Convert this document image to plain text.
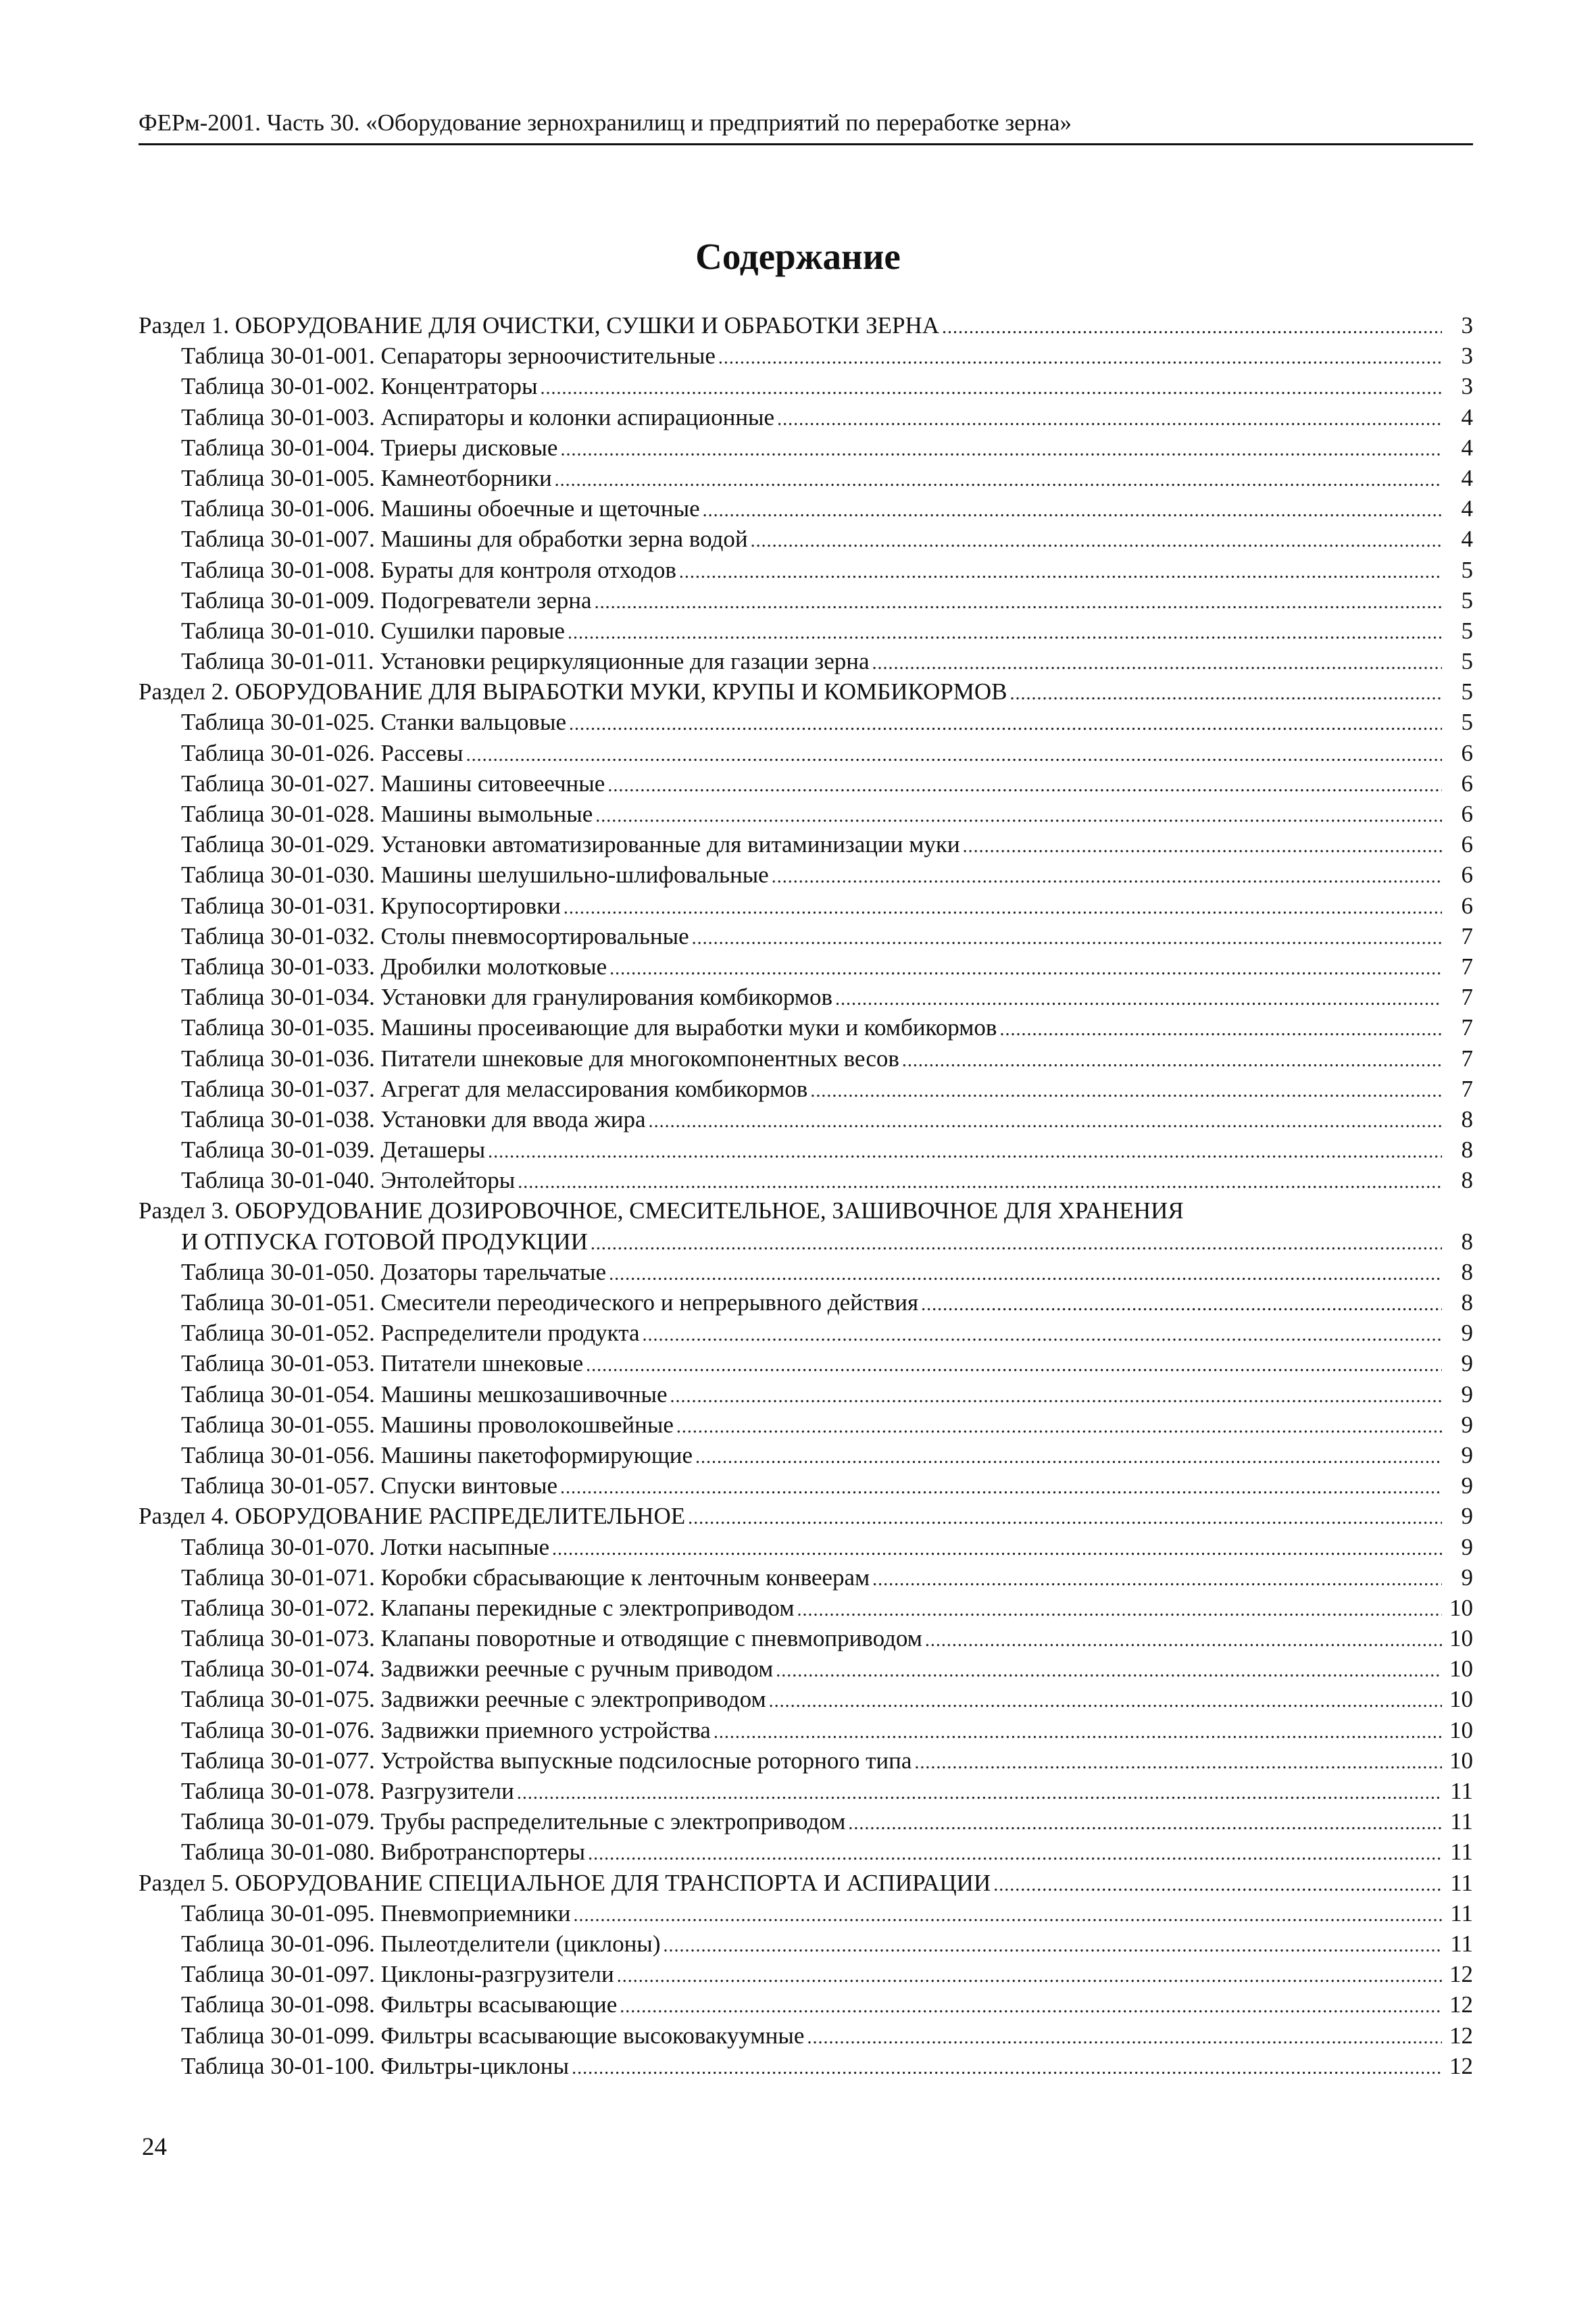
ФЕРм-2001. Часть 30. «Оборудование зернохранилищ и предприятий по переработке зерна»
Содержание
Раздел 1. ОБОРУДОВАНИЕ ДЛЯ ОЧИСТКИ, СУШКИ И ОБРАБОТКИ ЗЕРНА .....	3
Таблица 30-01-001. Сепараторы зерноочистительные .....	3
Таблица 30-01-002. Концентраторы .....	3
Таблица 30-01-003. Аспираторы и колонки аспирационные .....	4
Таблица 30-01-004. Триеры дисковые .....	4
Таблица 30-01-005. Камнеотборники .....	4
Таблица 30-01-006. Машины обоечные и щеточные .....	4
Таблица 30-01-007. Машины для обработки зерна водой .....	4
Таблица 30-01-008. Бураты для контроля отходов .....	5
Таблица 30-01-009. Подогреватели зерна .....	5
Таблица 30-01-010. Сушилки паровые .....	5
Таблица 30-01-011. Установки рециркуляционные для газации зерна .....	5
Раздел 2. ОБОРУДОВАНИЕ ДЛЯ ВЫРАБОТКИ МУКИ, КРУПЫ И КОМБИКОРМОВ .....	5
Таблица 30-01-025. Станки вальцовые .....	5
Таблица 30-01-026. Рассевы .....	6
Таблица 30-01-027. Машины ситовеечные .....	6
Таблица 30-01-028. Машины вымольные .....	6
Таблица 30-01-029. Установки автоматизированные для витаминизации муки .....	6
Таблица 30-01-030. Машины шелушильно-шлифовальные .....	6
Таблица 30-01-031. Крупосортировки .....	6
Таблица 30-01-032. Столы пневмосортировальные .....	7
Таблица 30-01-033. Дробилки молотковые .....	7
Таблица 30-01-034. Установки для гранулирования комбикормов .....	7
Таблица 30-01-035. Машины просеивающие для выработки муки и комбикормов .....	7
Таблица 30-01-036. Питатели шнековые для многокомпонентных весов .....	7
Таблица 30-01-037. Агрегат для мелассирования комбикормов .....	7
Таблица 30-01-038. Установки для ввода жира .....	8
Таблица 30-01-039. Деташеры .....	8
Таблица 30-01-040. Энтолейторы .....	8
Раздел 3. ОБОРУДОВАНИЕ ДОЗИРОВОЧНОЕ, СМЕСИТЕЛЬНОЕ, ЗАШИВОЧНОЕ ДЛЯ ХРАНЕНИЯ
И ОТПУСКА ГОТОВОЙ ПРОДУКЦИИ .....	8
Таблица 30-01-050. Дозаторы тарельчатые .....	8
Таблица 30-01-051. Смесители переодического и непрерывного действия .....	8
Таблица 30-01-052. Распределители продукта .....	9
Таблица 30-01-053. Питатели шнековые .....	9
Таблица 30-01-054. Машины мешкозашивочные .....	9
Таблица 30-01-055. Машины проволокошвейные .....	9
Таблица 30-01-056. Машины пакетоформирующие .....	9
Таблица 30-01-057. Спуски винтовые .....	9
Раздел 4. ОБОРУДОВАНИЕ РАСПРЕДЕЛИТЕЛЬНОЕ .....	9
Таблица 30-01-070. Лотки насыпные .....	9
Таблица 30-01-071. Коробки сбрасывающие к ленточным конвеерам .....	9
Таблица 30-01-072. Клапаны перекидные с электроприводом .....	10
Таблица 30-01-073. Клапаны поворотные и отводящие с пневмоприводом .....	10
Таблица 30-01-074. Задвижки реечные с ручным приводом .....	10
Таблица 30-01-075. Задвижки реечные с электроприводом .....	10
Таблица 30-01-076. Задвижки приемного устройства .....	10
Таблица 30-01-077. Устройства выпускные подсилосные роторного типа .....	10
Таблица 30-01-078. Разгрузители .....	11
Таблица 30-01-079. Трубы распределительные с электроприводом .....	11
Таблица 30-01-080. Вибротранспортеры .....	11
Раздел 5. ОБОРУДОВАНИЕ СПЕЦИАЛЬНОЕ ДЛЯ ТРАНСПОРТА И АСПИРАЦИИ .....	11
Таблица 30-01-095. Пневмоприемники .....	11
Таблица 30-01-096. Пылеотделители (циклоны) .....	11
Таблица 30-01-097. Циклоны-разгрузители .....	12
Таблица 30-01-098. Фильтры всасывающие .....	12
Таблица 30-01-099. Фильтры всасывающие высоковакуумные .....	12
Таблица 30-01-100. Фильтры-циклоны .....	12
24
